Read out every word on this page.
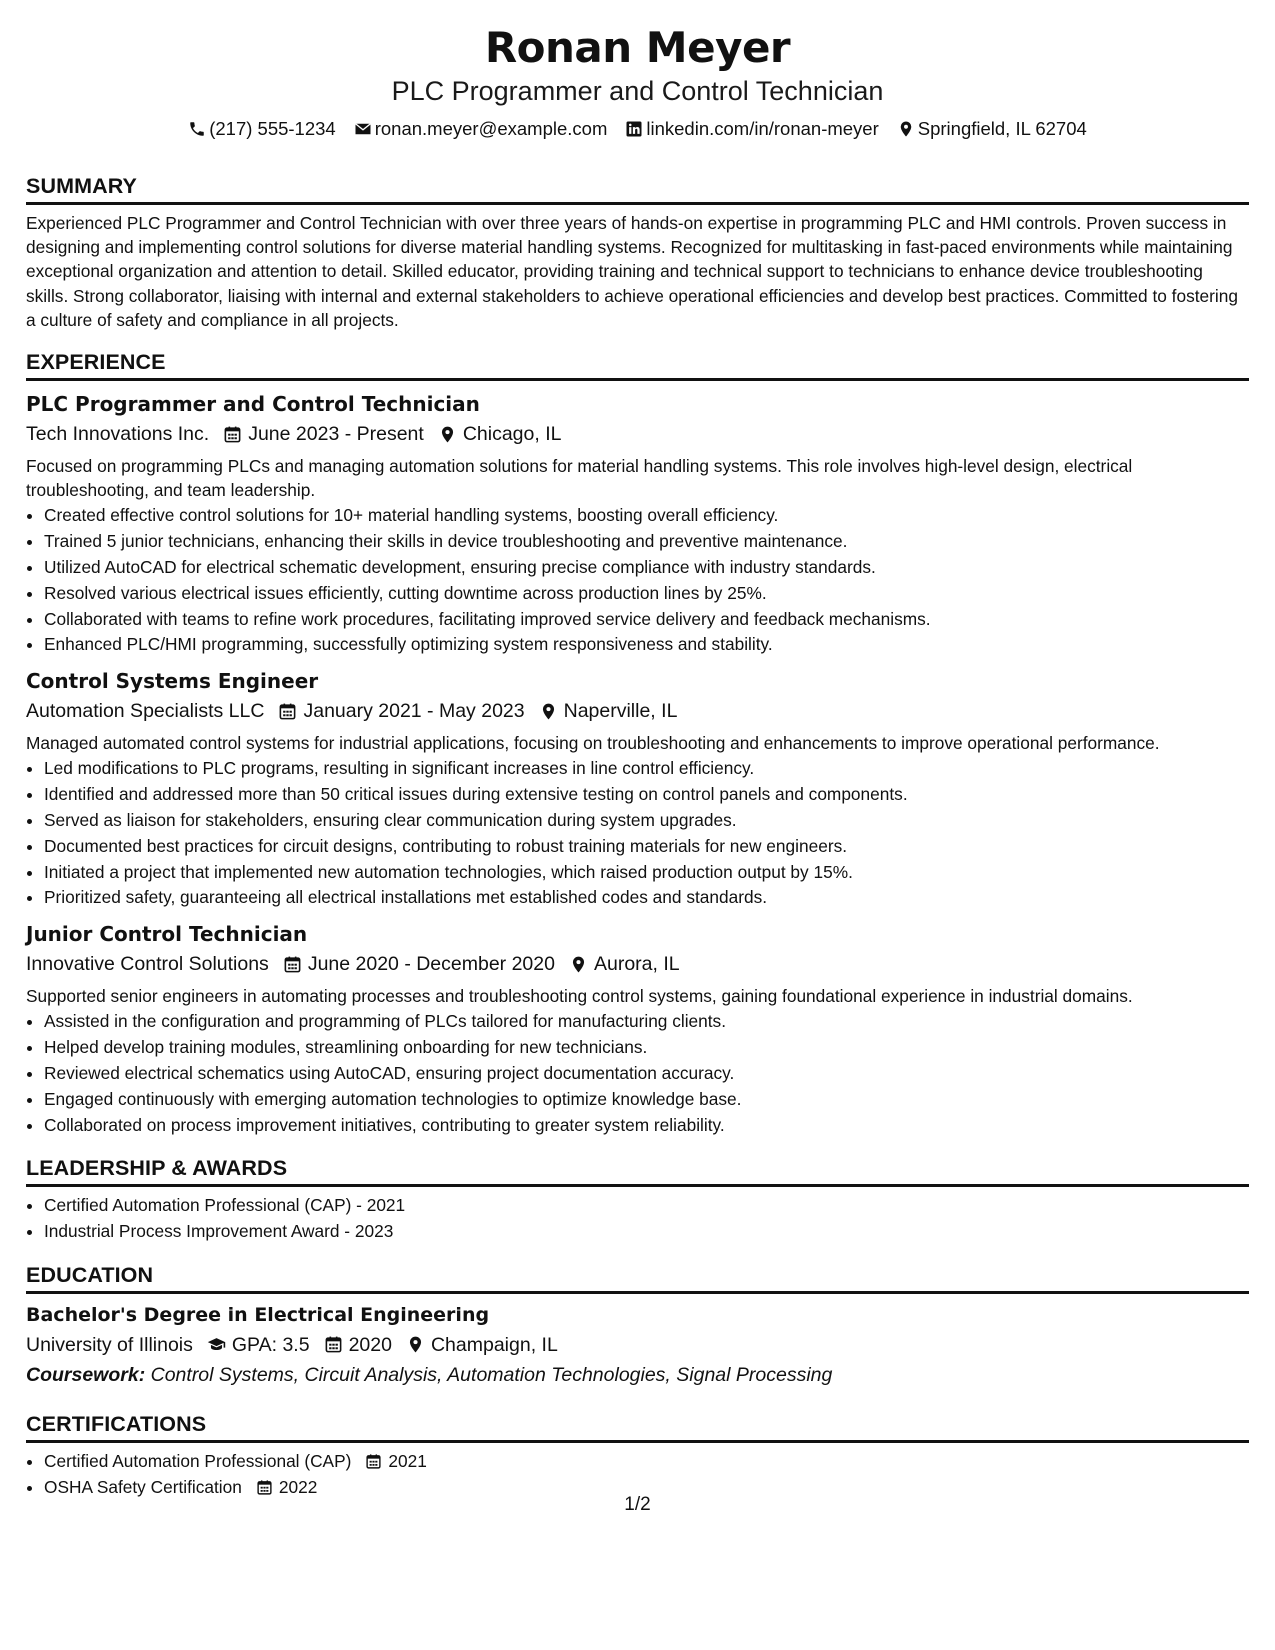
Ronan Meyer
PLC Programmer and Control Technician
(217) 555-1234 ronan.meyer@example.com linkedin.com/in/ronan-meyer Springfield, IL 62704
SUMMARY

Experienced PLC Programmer and Control Technician with over three years of hands-on expertise in programming PLC and HMI controls. Proven success in designing and implementing control solutions for diverse material handling systems. Recognized for multitasking in fast-paced environments while maintaining exceptional organization and attention to detail. Skilled educator, providing training and technical support to technicians to enhance device troubleshooting skills. Strong collaborator, liaising with internal and external stakeholders to achieve operational efficiencies and develop best practices. Committed to fostering a culture of safety and compliance in all projects.

EXPERIENCE
PLC Programmer and Control Technician
Tech Innovations Inc. June 2023 - Present Chicago, IL

Focused on programming PLCs and managing automation solutions for material handling systems. This role involves high-level design, electrical troubleshooting, and team leadership.

• Created effective control solutions for 10+ material handling systems, boosting overall efficiency.
• Trained 5 junior technicians, enhancing their skills in device troubleshooting and preventive maintenance.
• Utilized AutoCAD for electrical schematic development, ensuring precise compliance with industry standards.
• Resolved various electrical issues efficiently, cutting downtime across production lines by 25%.
• Collaborated with teams to refine work procedures, facilitating improved service delivery and feedback mechanisms.
• Enhanced PLC/HMI programming, successfully optimizing system responsiveness and stability.
Control Systems Engineer
Automation Specialists LLC January 2021 - May 2023 Naperville, IL

Managed automated control systems for industrial applications, focusing on troubleshooting and enhancements to improve operational performance.

• Led modifications to PLC programs, resulting in significant increases in line control efficiency.
• Identified and addressed more than 50 critical issues during extensive testing on control panels and components.
• Served as liaison for stakeholders, ensuring clear communication during system upgrades.
• Documented best practices for circuit designs, contributing to robust training materials for new engineers.
• Initiated a project that implemented new automation technologies, which raised production output by 15%.
• Prioritized safety, guaranteeing all electrical installations met established codes and standards.
Junior Control Technician
Innovative Control Solutions June 2020 - December 2020 Aurora, IL

Supported senior engineers in automating processes and troubleshooting control systems, gaining foundational experience in industrial domains.

• Assisted in the configuration and programming of PLCs tailored for manufacturing clients.
• Helped develop training modules, streamlining onboarding for new technicians.
• Reviewed electrical schematics using AutoCAD, ensuring project documentation accuracy.
• Engaged continuously with emerging automation technologies to optimize knowledge base.
• Collaborated on process improvement initiatives, contributing to greater system reliability.
LEADERSHIP & AWARDS
• Certified Automation Professional (CAP) - 2021
• Industrial Process Improvement Award - 2023
EDUCATION
Bachelor's Degree in Electrical Engineering
University of Illinois GPA: 3.5 2020 Champaign, IL
Coursework: Control Systems, Circuit Analysis, Automation Technologies, Signal Processing
CERTIFICATIONS
• Certified Automation Professional (CAP) 2021
• OSHA Safety Certification 2022
1/2
